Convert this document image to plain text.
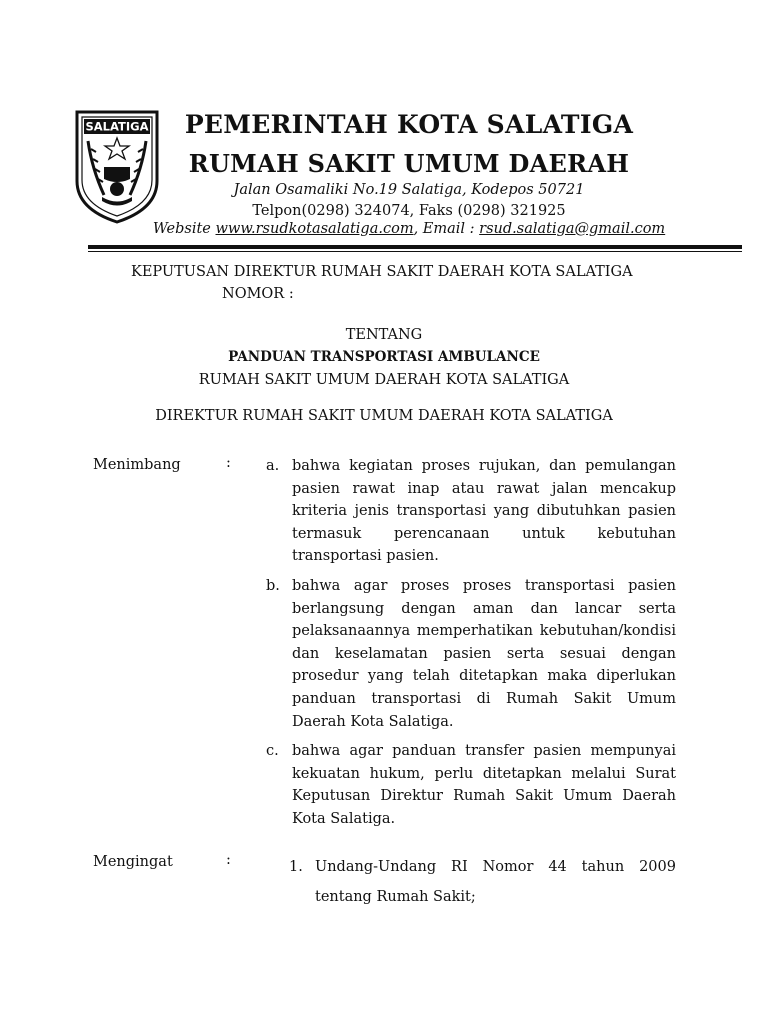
SALATIGA	PEMERINTAH KOTA SALATIGA
RUMAH SAKIT UMUM DAERAH
Jalan Osamaliki No.19 Salatiga, Kodepos 50721
Telpon(0298) 324074, Faks (0298) 321925
Website www.rsudkotasalatiga.com, Email : rsud.salatiga@gmail.com
KEPUTUSAN DIREKTUR RUMAH SAKIT DAERAH KOTA SALATIGA
NOMOR :
TENTANG
PANDUAN TRANSPORTASI AMBULANCE
RUMAH SAKIT UMUM DAERAH KOTA SALATIGA
DIREKTUR RUMAH SAKIT UMUM DAERAH KOTA SALATIGA
Menimbang	: a. bahwa kegiatan proses rujukan, dan pemulangan pasien rawat inap atau rawat jalan mencakup kriteria jenis transportasi yang dibutuhkan pasien termasuk perencanaan untuk kebutuhan transportasi pasien.
b. bahwa agar proses proses transportasi pasien berlangsung dengan aman dan lancar serta pelaksanaannya memperhatikan kebutuhan/kondisi dan keselamatan pasien serta sesuai dengan prosedur yang telah ditetapkan maka diperlukan panduan transportasi di Rumah Sakit Umum Daerah Kota Salatiga.
c. bahwa agar panduan transfer pasien mempunyai kekuatan hukum, perlu ditetapkan melalui Surat Keputusan Direktur Rumah Sakit Umum Daerah Kota Salatiga.
Mengingat	:	1. Undang-Undang RI Nomor 44 tahun 2009 tentang Rumah Sakit;
